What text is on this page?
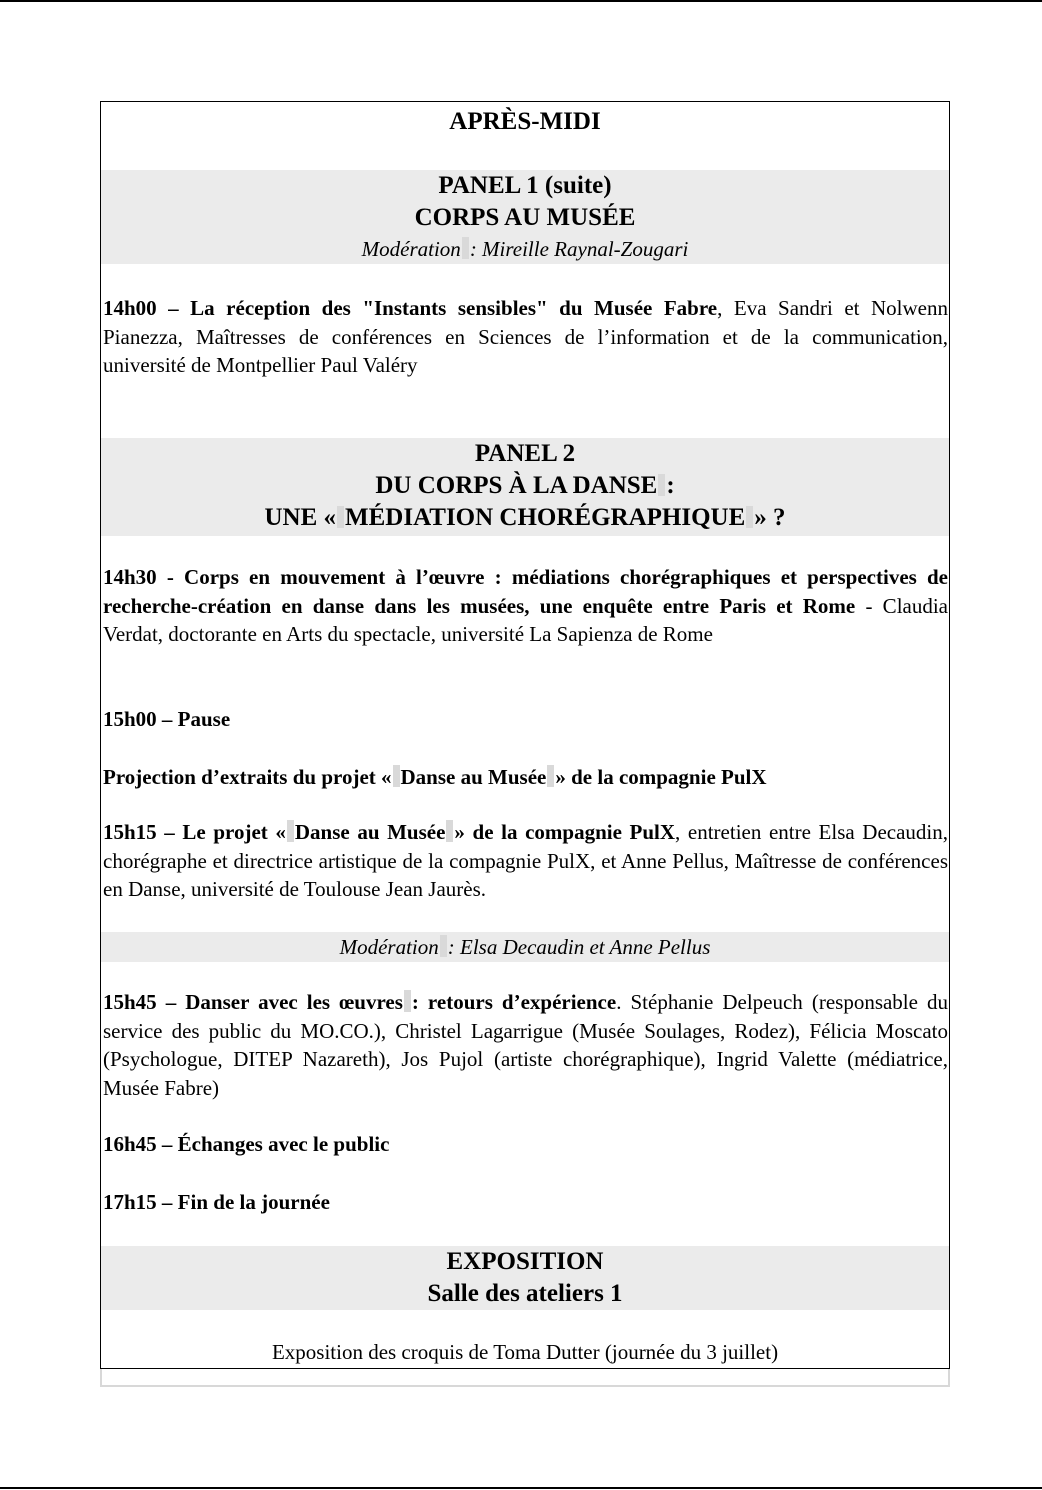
APRÈS-MIDI
PANEL 1 (suite)
CORPS AU MUSÉE
Modération : Mireille Raynal-Zougari
14h00 – La réception des "Instants sensibles" du Musée Fabre, Eva Sandri et Nolwenn Pianezza, Maîtresses de conférences en Sciences de l’information et de la communication, université de Montpellier Paul Valéry
PANEL 2
DU CORPS À LA DANSE :
UNE « MÉDIATION CHORÉGRAPHIQUE » ?
14h30 - Corps en mouvement à l’œuvre : médiations chorégraphiques et perspectives de recherche-création en danse dans les musées, une enquête entre Paris et Rome - Claudia Verdat, doctorante en Arts du spectacle, université La Sapienza de Rome
15h00 – Pause
Projection d’extraits du projet « Danse au Musée » de la compagnie PulX
15h15 – Le projet « Danse au Musée » de la compagnie PulX, entretien entre Elsa Decaudin, chorégraphe et directrice artistique de la compagnie PulX, et Anne Pellus, Maîtresse de conférences en Danse, université de Toulouse Jean Jaurès.
Modération : Elsa Decaudin et Anne Pellus
15h45 – Danser avec les œuvres : retours d’expérience. Stéphanie Delpeuch (responsable du service des public du MO.CO.), Christel Lagarrigue (Musée Soulages, Rodez), Félicia Moscato (Psychologue, DITEP Nazareth), Jos Pujol (artiste chorégraphique), Ingrid Valette (médiatrice, Musée Fabre)
16h45 – Échanges avec le public
17h15 – Fin de la journée
EXPOSITION
Salle des ateliers 1
Exposition des croquis de Toma Dutter (journée du 3 juillet)
